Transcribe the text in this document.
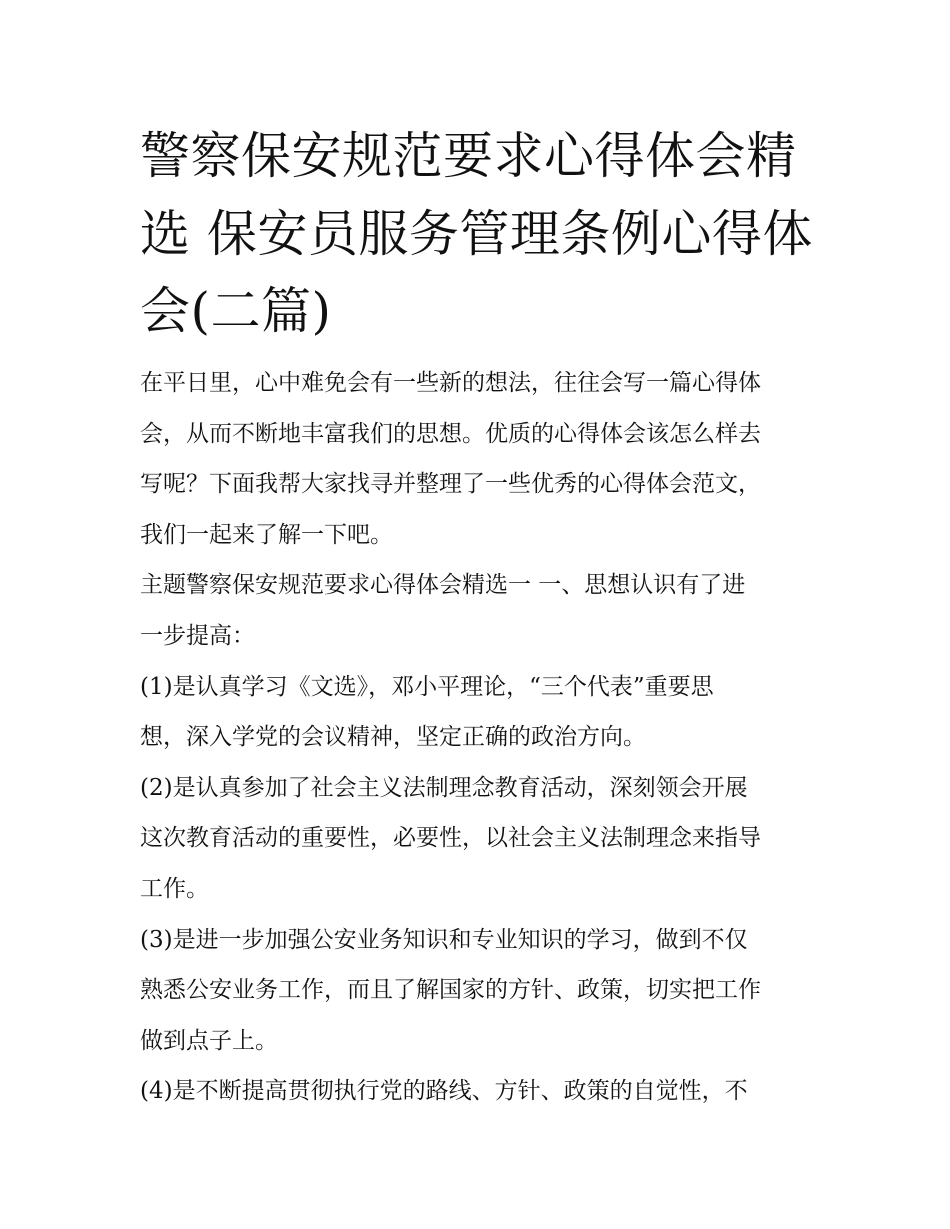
警察保安规范要求心得体会精
选 保安员服务管理条例心得体
会(二篇)
在平日里，心中难免会有一些新的想法，往往会写一篇心得体
会，从而不断地丰富我们的思想。优质的心得体会该怎么样去
写呢？下面我帮大家找寻并整理了一些优秀的心得体会范文，
我们一起来了解一下吧。
主题警察保安规范要求心得体会精选一 一、思想认识有了进
一步提高：
(1)是认真学习《文选》，邓小平理论，“三个代表”重要思
想，深入学党的会议精神，坚定正确的政治方向。
(2)是认真参加了社会主义法制理念教育活动，深刻领会开展
这次教育活动的重要性，必要性，以社会主义法制理念来指导
工作。
(3)是进一步加强公安业务知识和专业知识的学习，做到不仅
熟悉公安业务工作，而且了解国家的方针、政策，切实把工作
做到点子上。
(4)是不断提高贯彻执行党的路线、方针、政策的自觉性，不
